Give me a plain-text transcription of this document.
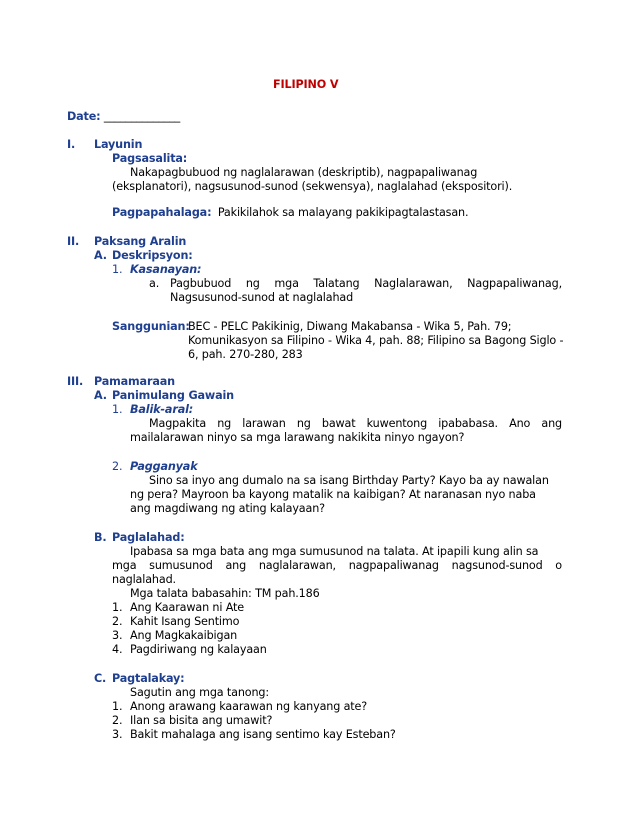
FILIPINO V
Date: ______________
I. Layunin
Pagsasalita:
Nakapagbubuod ng naglalarawan (deskriptib), nagpapaliwanag
(eksplanatori), nagsusunod-sunod (sekwensya), naglalahad (ekspositori).
Pagpapahalaga: Pakikilahok sa malayang pakikipagtalastasan.
II. Paksang Aralin
A. Deskripsyon:
1. Kasanayan:
a. Pagbubuod ng mga Talatang Naglalarawan, Nagpapaliwanag,
Nagsusunod-sunod at naglalahad
Sanggunian:
BEC - PELC Pakikinig, Diwang Makabansa - Wika 5, Pah. 79;
Komunikasyon sa Filipino - Wika 4, pah. 88; Filipino sa Bagong Siglo -
6, pah. 270-280, 283
III. Pamamaraan
A. Panimulang Gawain
1. Balik-aral:
Magpakita ng larawan ng bawat kuwentong ipababasa. Ano ang
mailalarawan ninyo sa mga larawang nakikita ninyo ngayon?
2. Pagganyak
Sino sa inyo ang dumalo na sa isang Birthday Party? Kayo ba ay nawalan
ng pera? Mayroon ba kayong matalik na kaibigan? At naranasan nyo naba
ang magdiwang ng ating kalayaan?
B. Paglalahad:
Ipabasa sa mga bata ang mga sumusunod na talata. At ipapili kung alin sa
mga sumusunod ang naglalarawan, nagpapaliwanag nagsunod-sunod o
naglalahad.
Mga talata babasahin: TM pah.186
1. Ang Kaarawan ni Ate
2. Kahit Isang Sentimo
3. Ang Magkakaibigan
4. Pagdiriwang ng kalayaan
C. Pagtalakay:
Sagutin ang mga tanong:
1. Anong arawang kaarawan ng kanyang ate?
2. Ilan sa bisita ang umawit?
3. Bakit mahalaga ang isang sentimo kay Esteban?
